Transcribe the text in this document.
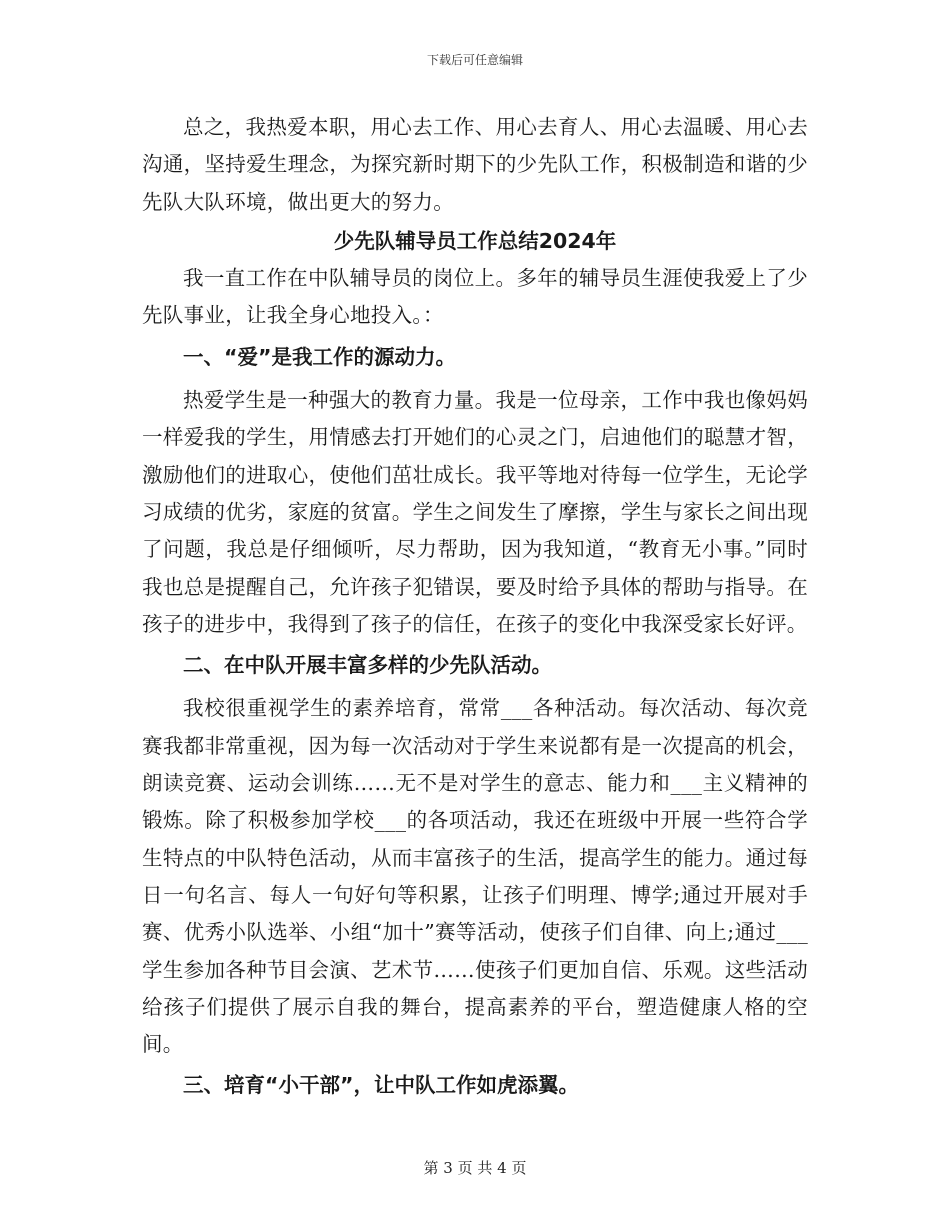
下载后可任意编辑

总之，我热爱本职，用心去工作、用心去育人、用心去温暖、用心去沟通，坚持爱生理念，为探究新时期下的少先队工作，积极制造和谐的少先队大队环境，做出更大的努力。

少先队辅导员工作总结2024年

我一直工作在中队辅导员的岗位上。多年的辅导员生涯使我爱上了少先队事业，让我全身心地投入。：

一、“爱”是我工作的源动力。

热爱学生是一种强大的教育力量。我是一位母亲，工作中我也像妈妈一样爱我的学生，用情感去打开她们的心灵之门，启迪他们的聪慧才智，激励他们的进取心，使他们茁壮成长。我平等地对待每一位学生，无论学习成绩的优劣，家庭的贫富。学生之间发生了摩擦，学生与家长之间出现了问题，我总是仔细倾听，尽力帮助，因为我知道，“教育无小事。”同时我也总是提醒自己，允许孩子犯错误，要及时给予具体的帮助与指导。在孩子的进步中，我得到了孩子的信任，在孩子的变化中我深受家长好评。

二、在中队开展丰富多样的少先队活动。

我校很重视学生的素养培育，常常___各种活动。每次活动、每次竞赛我都非常重视，因为每一次活动对于学生来说都有是一次提高的机会，朗读竞赛、运动会训练……无不是对学生的意志、能力和___主义精神的锻炼。除了积极参加学校___的各项活动，我还在班级中开展一些符合学生特点的中队特色活动，从而丰富孩子的生活，提高学生的能力。通过每日一句名言、每人一句好句等积累，让孩子们明理、博学;通过开展对手赛、优秀小队选举、小组“加十”赛等活动，使孩子们自律、向上;通过___学生参加各种节目会演、艺术节……使孩子们更加自信、乐观。这些活动给孩子们提供了展示自我的舞台，提高素养的平台，塑造健康人格的空间。

三、培育“小干部”，让中队工作如虎添翼。

第 3 页 共 4 页
